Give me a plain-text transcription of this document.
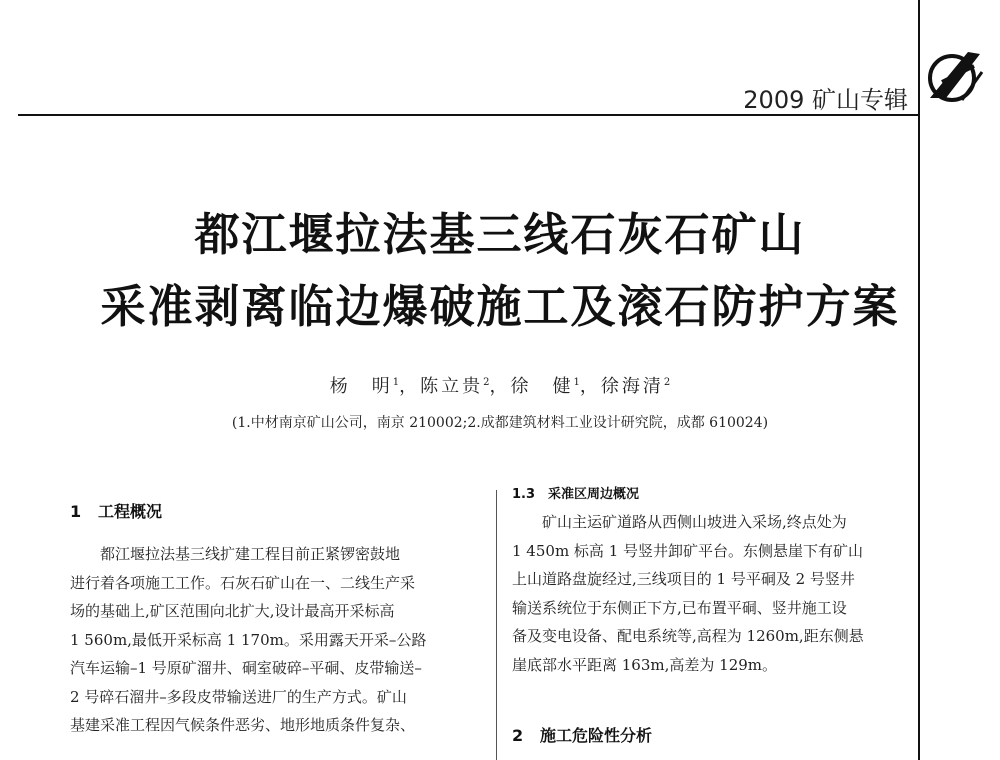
2009 矿山专辑
都江堰拉法基三线石灰石矿山
采准剥离临边爆破施工及滚石防护方案
杨　明$^1$，陈立贵$^2$，徐　健$^1$，徐海清$^2$
(1.中材南京矿山公司，南京 210002;2.成都建筑材料工业设计研究院，成都 610024)
1 工程概况
　　都江堰拉法基三线扩建工程目前正紧锣密鼓地
进行着各项施工工作。石灰石矿山在一、二线生产采
场的基础上,矿区范围向北扩大,设计最高开采标高
1 560m,最低开采标高 1 170m。采用露天开采–公路
汽车运输–1 号原矿溜井、硐室破碎–平硐、皮带输送–
2 号碎石溜井–多段皮带输送进厂的生产方式。矿山
基建采准工程因气候条件恶劣、地形地质条件复杂、
1.3 采准区周边概况
　　矿山主运矿道路从西侧山坡进入采场,终点处为
1 450m 标高 1 号竖井卸矿平台。东侧悬崖下有矿山
上山道路盘旋经过,三线项目的 1 号平硐及 2 号竖井
输送系统位于东侧正下方,已布置平硐、竖井施工设
备及变电设备、配电系统等,高程为 1260m,距东侧悬
崖底部水平距离 163m,高差为 129m。
2 施工危险性分析
